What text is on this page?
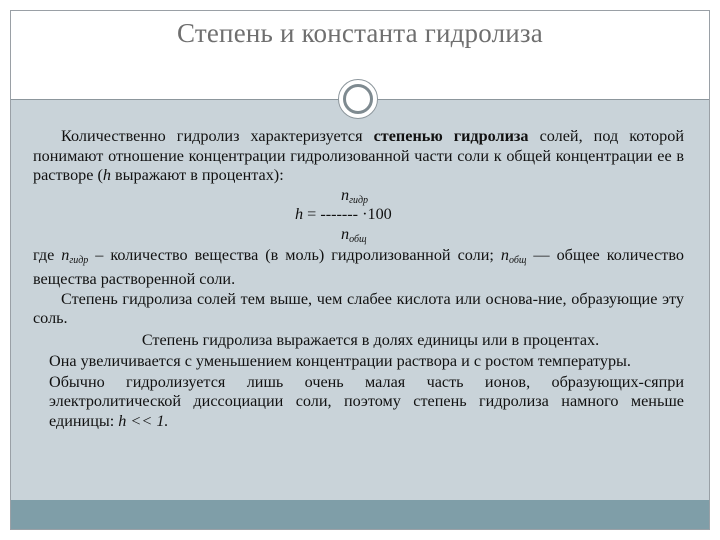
Степень и константа гидролиза

Количественно гидролиз характеризуется степенью гидролиза солей, под которой понимают отношение концентрации гидролизованной части соли к общей концентрации ее в растворе (h выражают в процентах):

$n_{гидр}$
h = ------- ·100
$n_{общ}$

где $n_{гидр}$ – количество вещества (в моль) гидролизованной соли; $n_{общ}$ — общее количество вещества растворенной соли.

Степень гидролиза солей тем выше, чем слабее кислота или основа-ние, образующие эту соль.

Степень гидролиза выражается в долях единицы или в процентах.

Она увеличивается с уменьшением концентрации раствора и с ростом температуры.

Обычно гидролизуется лишь очень малая часть ионов, образующих-сяпри электролитической диссоциации соли, поэтому степень гидролиза намного меньше единицы: h << 1.
